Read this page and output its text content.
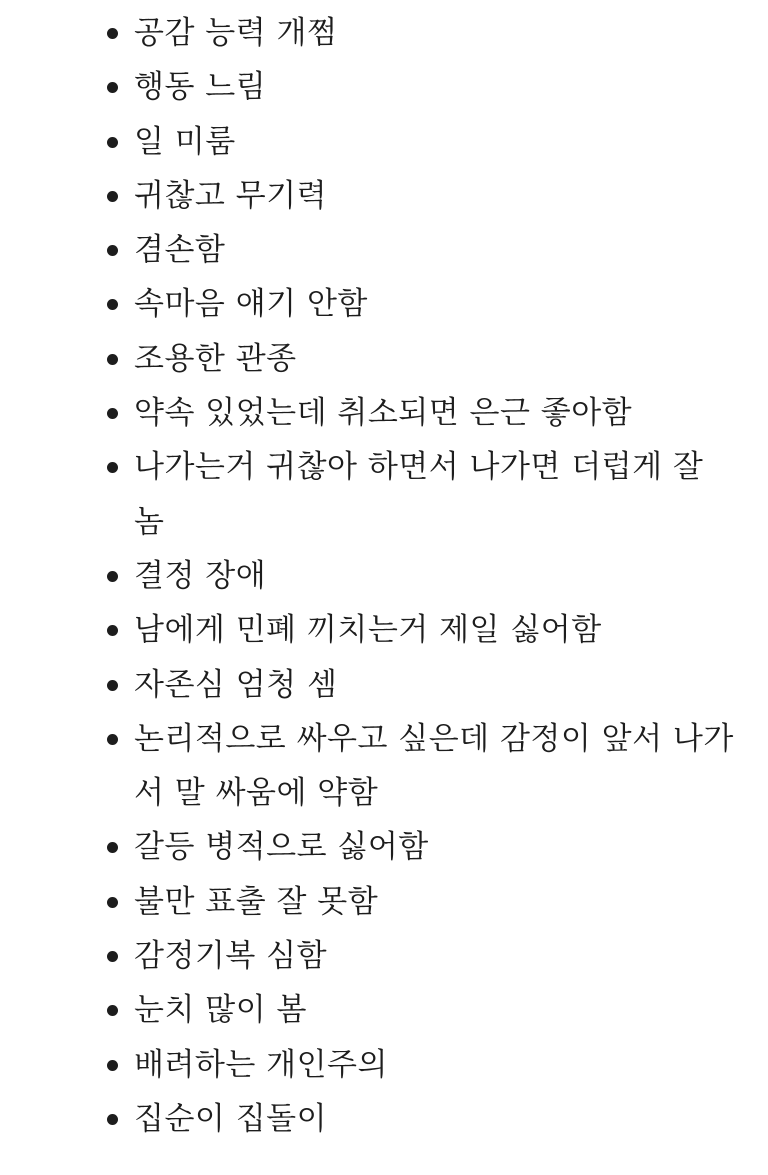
공감 능력 개쩜
행동 느림
일 미룸
귀찮고 무기력
겸손함
속마음 얘기 안함
조용한 관종
약속 있었는데 취소되면 은근 좋아함
나가는거 귀찮아 하면서 나가면 더럽게 잘 놈
결정 장애
남에게 민폐 끼치는거 제일 싫어함
자존심 엄청 셈
논리적으로 싸우고 싶은데 감정이 앞서 나가서 말 싸움에 약함
갈등 병적으로 싫어함
불만 표출 잘 못함
감정기복 심함
눈치 많이 봄
배려하는 개인주의
집순이 집돌이
